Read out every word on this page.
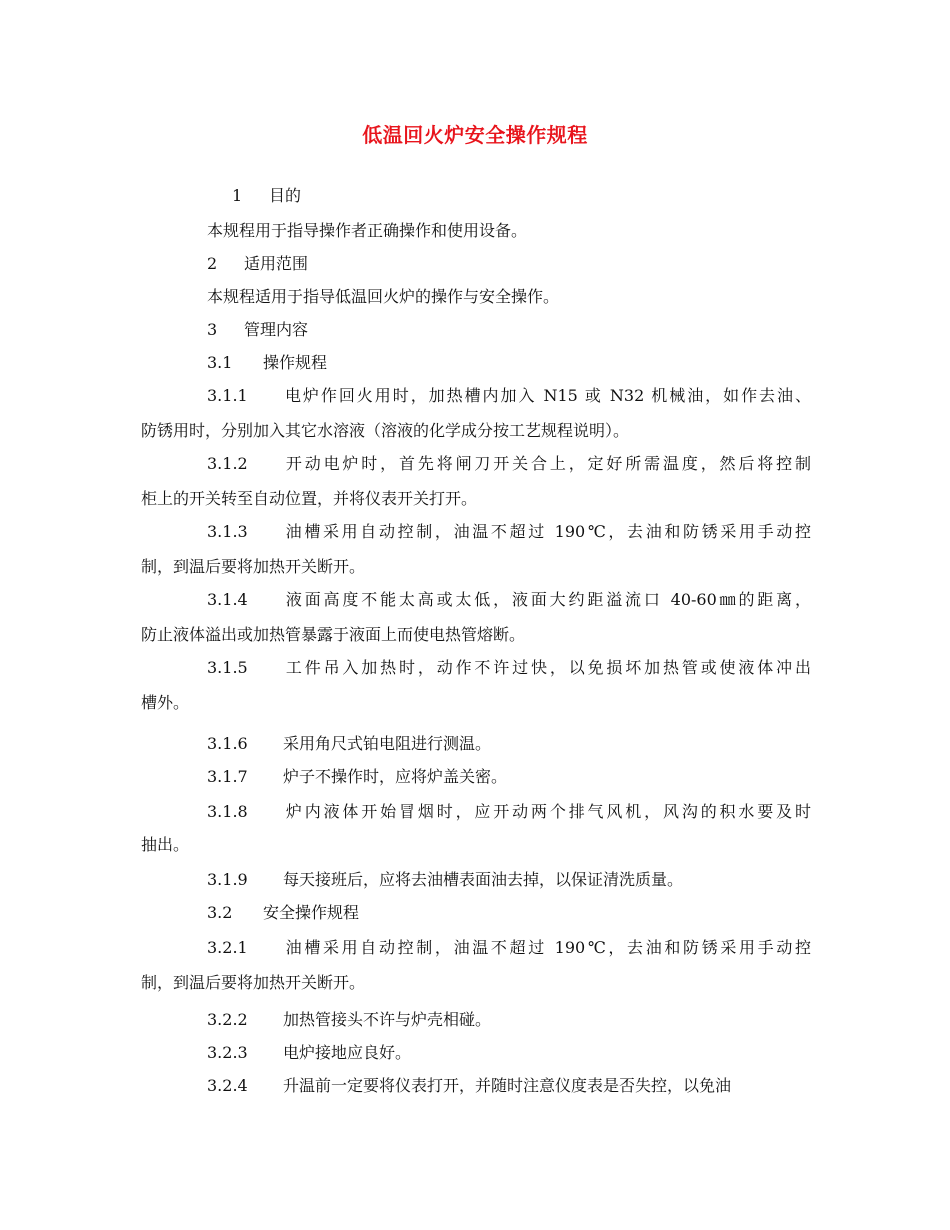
低温回火炉安全操作规程
1 目的
本规程用于指导操作者正确操作和使用设备。
2 适用范围
本规程适用于指导低温回火炉的操作与安全操作。
3 管理内容
3.1 操作规程
3.1.1 电炉作回火用时，加热槽内加入 N15 或 N32 机械油，如作去油、
防锈用时，分别加入其它水溶液（溶液的化学成分按工艺规程说明）。
3.1.2 开动电炉时，首先将闸刀开关合上，定好所需温度，然后将控制
柜上的开关转至自动位置，并将仪表开关打开。
3.1.3 油槽采用自动控制，油温不超过 190℃，去油和防锈采用手动控
制，到温后要将加热开关断开。
3.1.4 液面高度不能太高或太低，液面大约距溢流口 40-60㎜的距离，
防止液体溢出或加热管暴露于液面上而使电热管熔断。
3.1.5 工件吊入加热时，动作不许过快，以免损坏加热管或使液体冲出
槽外。
3.1.6 采用角尺式铂电阻进行测温。
3.1.7 炉子不操作时，应将炉盖关密。
3.1.8 炉内液体开始冒烟时，应开动两个排气风机，风沟的积水要及时
抽出。
3.1.9 每天接班后，应将去油槽表面油去掉，以保证清洗质量。
3.2 安全操作规程
3.2.1 油槽采用自动控制，油温不超过 190℃，去油和防锈采用手动控
制，到温后要将加热开关断开。
3.2.2 加热管接头不许与炉壳相碰。
3.2.3 电炉接地应良好。
3.2.4 升温前一定要将仪表打开，并随时注意仪度表是否失控，以免油
